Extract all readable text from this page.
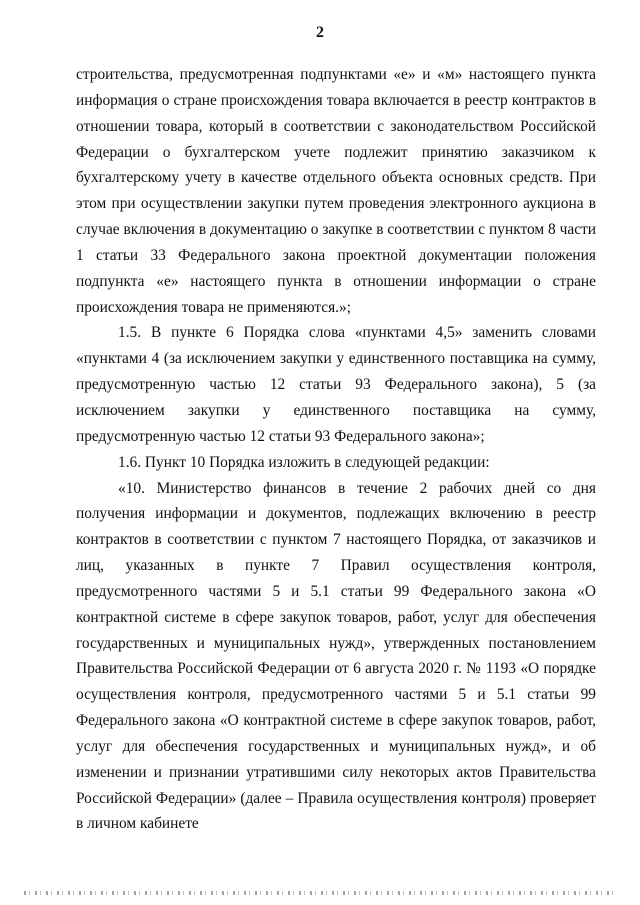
2

строительства, предусмотренная подпунктами «е» и «м» настоящего пункта информация о стране происхождения товара включается в реестр контрактов в отношении товара, который в соответствии с законодательством Российской Федерации о бухгалтерском учете подлежит принятию заказчиком к бухгалтерскому учету в качестве отдельного объекта основных средств. При этом при осуществлении закупки путем проведения электронного аукциона в случае включения в документацию о закупке в соответствии с пунктом 8 части 1 статьи 33 Федерального закона проектной документации положения подпункта «е» настоящего пункта в отношении информации о стране происхождения товара не применяются.»;

1.5. В пункте 6 Порядка слова «пунктами 4,5» заменить словами «пунктами 4 (за исключением закупки у единственного поставщика на сумму, предусмотренную частью 12 статьи 93 Федерального закона), 5 (за исключением закупки у единственного поставщика на сумму, предусмотренную частью 12 статьи 93 Федерального закона»;

1.6. Пункт 10 Порядка изложить в следующей редакции:

«10. Министерство финансов в течение 2 рабочих дней со дня получения информации и документов, подлежащих включению в реестр контрактов в соответствии с пунктом 7 настоящего Порядка, от заказчиков и лиц, указанных в пункте 7 Правил осуществления контроля, предусмотренного частями 5 и 5.1 статьи 99 Федерального закона «О контрактной системе в сфере закупок товаров, работ, услуг для обеспечения государственных и муниципальных нужд», утвержденных постановлением Правительства Российской Федерации от 6 августа 2020 г. № 1193 «О порядке осуществления контроля, предусмотренного частями 5 и 5.1 статьи 99 Федерального закона «О контрактной системе в сфере закупок товаров, работ, услуг для обеспечения государственных и муниципальных нужд», и об изменении и признании утратившими силу некоторых актов Правительства Российской Федерации» (далее – Правила осуществления контроля) проверяет в личном кабинете
